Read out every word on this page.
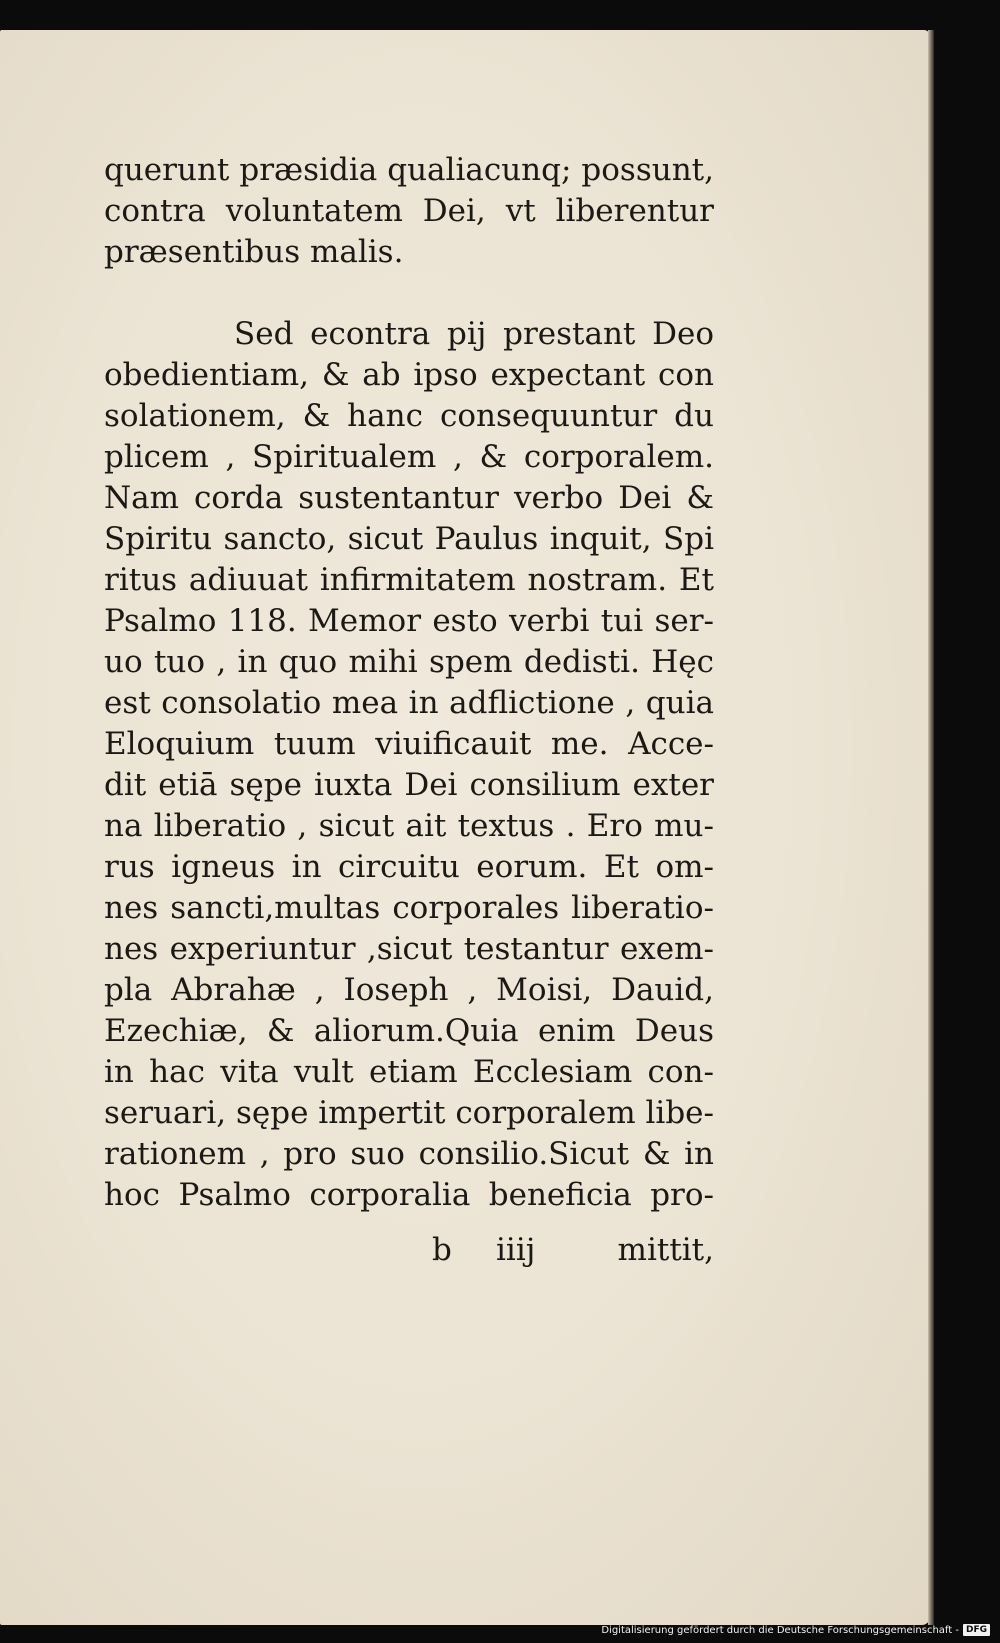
querunt præsidia qualiacunq; possunt,
contra voluntatem Dei, vt liberentur
præsentibus malis.
Sed econtra pij prestant Deo
obedientiam, & ab ipso expectant con
solationem, & hanc consequuntur du
plicem , Spiritualem , & corporalem.
Nam corda sustentantur verbo Dei &
Spiritu sancto, sicut Paulus inquit, Spi
ritus adiuuat infirmitatem nostram. Et
Psalmo 118. Memor esto verbi tui ser-
uo tuo , in quo mihi spem dedisti. Hęc
est consolatio mea in adflictione , quia
Eloquium tuum viuificauit me. Acce-
dit etiā sępe iuxta Dei consilium exter
na liberatio , sicut ait textus . Ero mu-
rus igneus in circuitu eorum. Et om-
nes sancti,multas corporales liberatio-
nes experiuntur ,sicut testantur exem-
pla Abrahæ , Ioseph , Moisi, Dauid,
Ezechiæ, & aliorum.Quia enim Deus
in hac vita vult etiam Ecclesiam con-
seruari, sępe impertit corporalem libe-
rationem , pro suo consilio.Sicut & in
hoc Psalmo corporalia beneficia pro-
b iiij	mittit,
Digitalisierung gefördert durch die Deutsche Forschungsgemeinschaft - DFG
